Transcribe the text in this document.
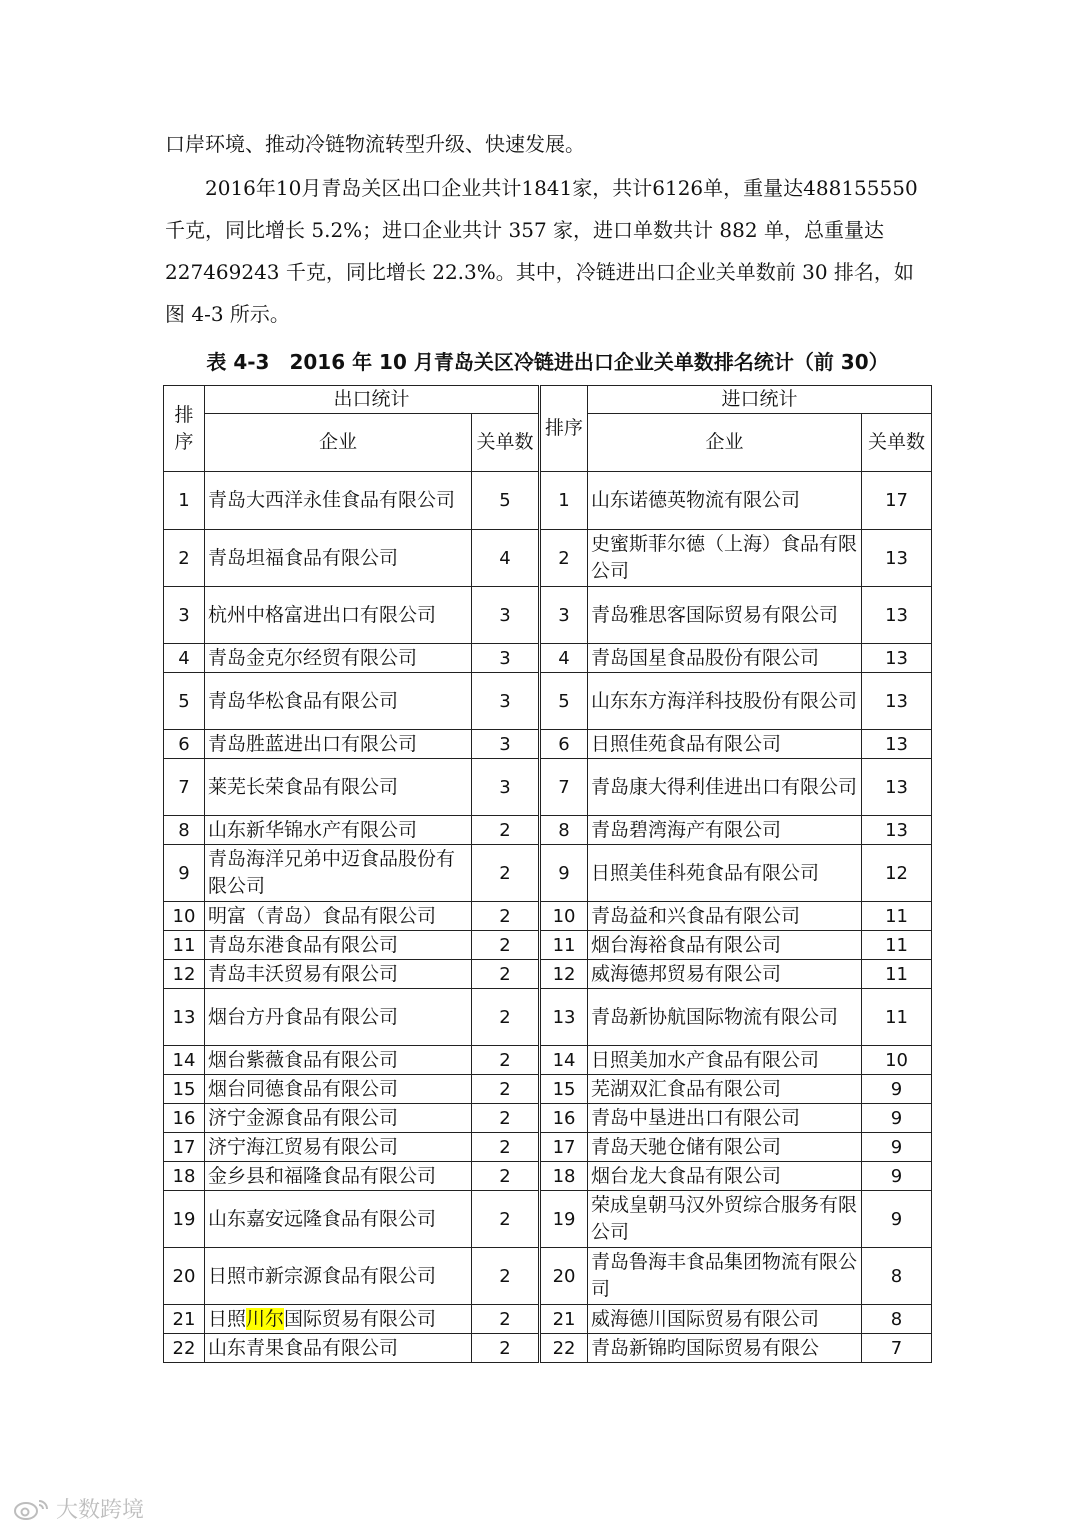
口岸环境、推动冷链物流转型升级、快速发展。

2016年10月青岛关区出口企业共计1841家，共计6126单，重量达488155550千克，同比增长 5.2%；进口企业共计 357 家，进口单数共计 882 单，总重量达227469243 千克，同比增长 22.3%。其中，冷链进出口企业关单数前 30 排名，如图 4-3 所示。

表 4-3　2016 年 10 月青岛关区冷链进出口企业关单数排名统计（前 30）
排序	出口统计		排序	进口统计	
	企业	关单数		企业	关单数
1	青岛大西洋永佳食品有限公司	5	1	山东诺德英物流有限公司	17
2	青岛坦福食品有限公司	4	2	史蜜斯菲尔德（上海）食品有限公司	13
3	杭州中格富进出口有限公司	3	3	青岛雅思客国际贸易有限公司	13
4	青岛金克尔经贸有限公司	3	4	青岛国星食品股份有限公司	13
5	青岛华松食品有限公司	3	5	山东东方海洋科技股份有限公司	13
6	青岛胜蓝进出口有限公司	3	6	日照佳苑食品有限公司	13
7	莱芜长荣食品有限公司	3	7	青岛康大得利佳进出口有限公司	13
8	山东新华锦水产有限公司	2	8	青岛碧湾海产有限公司	13
9	青岛海洋兄弟中迈食品股份有限公司	2	9	日照美佳科苑食品有限公司	12
10	明富（青岛）食品有限公司	2	10	青岛益和兴食品有限公司	11
11	青岛东港食品有限公司	2	11	烟台海裕食品有限公司	11
12	青岛丰沃贸易有限公司	2	12	威海德邦贸易有限公司	11
13	烟台方丹食品有限公司	2	13	青岛新协航国际物流有限公司	11
14	烟台紫薇食品有限公司	2	14	日照美加水产食品有限公司	10
15	烟台同德食品有限公司	2	15	芜湖双汇食品有限公司	9
16	济宁金源食品有限公司	2	16	青岛中垦进出口有限公司	9
17	济宁海江贸易有限公司	2	17	青岛天驰仓储有限公司	9
18	金乡县和福隆食品有限公司	2	18	烟台龙大食品有限公司	9
19	山东嘉安远隆食品有限公司	2	19	荣成皇朝马汉外贸综合服务有限公司	9
20	日照市新宗源食品有限公司	2	20	青岛鲁海丰食品集团物流有限公司	8
21	日照川尔国际贸易有限公司	2	21	威海德川国际贸易有限公司	8
22	山东青果食品有限公司	2	22	青岛新锦昀国际贸易有限公	7
大数跨境
